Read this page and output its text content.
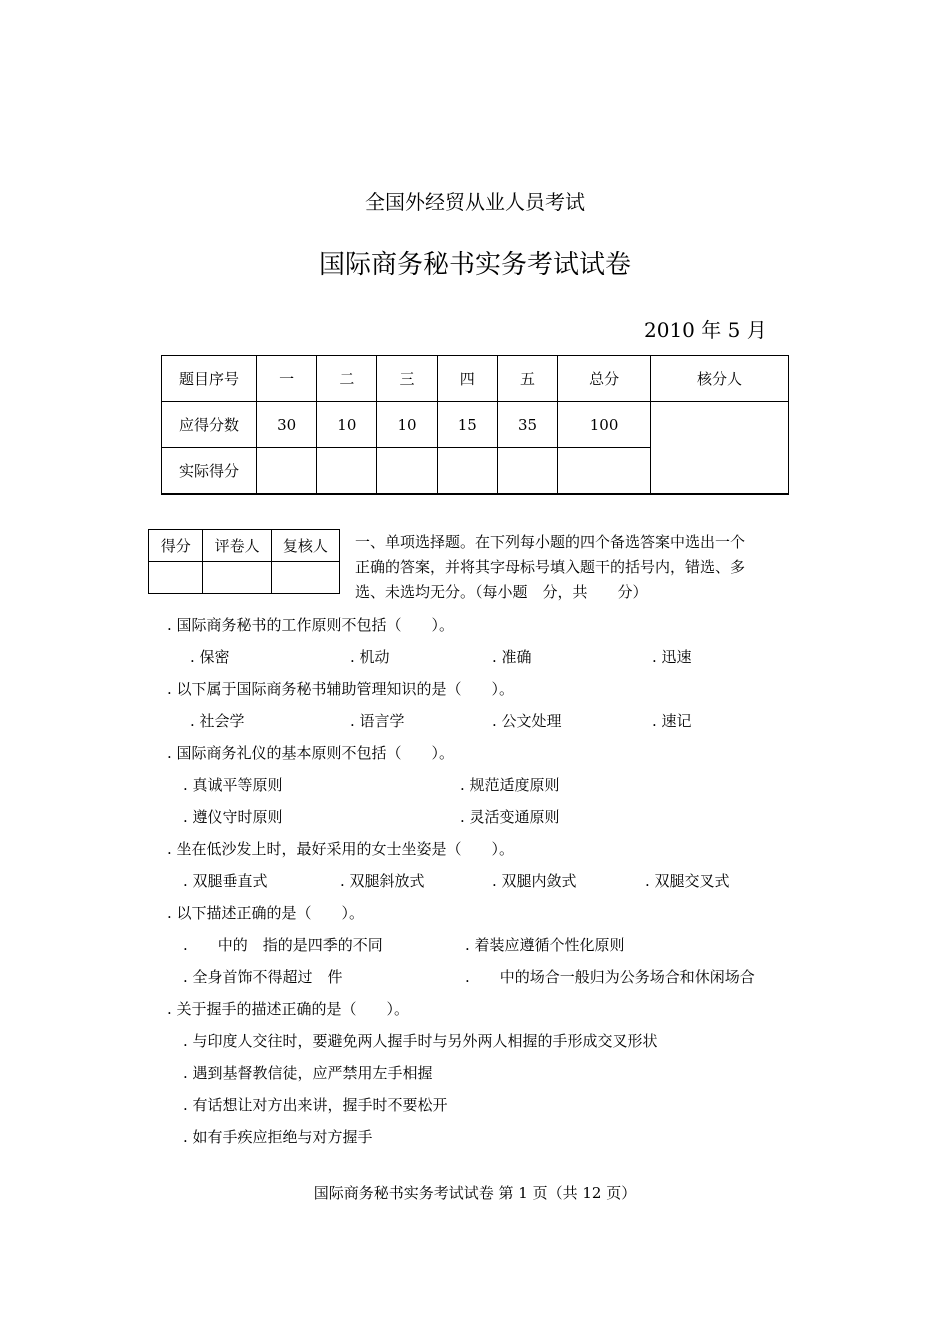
全国外经贸从业人员考试
国际商务秘书实务考试试卷
2010 年 5 月
题目序号	一	二	三	四	五	总分	核分人
应得分数	30	10	10	15	35	100	
实际得分							
得分	评卷人	复核人
		一、单项选择题。在下列每小题的四个备选答案中选出一个
正确的答案，并将其字母标号填入题干的括号内，错选、多
选、未选均无分。（每小题　分，共　　分）
. 国际商务秘书的工作原则不包括（　　）。
. 保密	. 机动	. 准确	. 迅速
. 以下属于国际商务秘书辅助管理知识的是（　　）。
. 社会学	. 语言学	. 公文处理	. 速记
. 国际商务礼仪的基本原则不包括（　　）。
. 真诚平等原则	. 规范适度原则
. 遵仪守时原则	. 灵活变通原则
. 坐在低沙发上时，最好采用的女士坐姿是（　　）。
. 双腿垂直式	. 双腿斜放式	. 双腿内敛式	. 双腿交叉式
. 以下描述正确的是（　　）。
.　　中的　指的是四季的不同	. 着装应遵循个性化原则
. 全身首饰不得超过　件	.　　中的场合一般归为公务场合和休闲场合
. 关于握手的描述正确的是（　　）。
. 与印度人交往时，要避免两人握手时与另外两人相握的手形成交叉形状
. 遇到基督教信徒，应严禁用左手相握
. 有话想让对方出来讲，握手时不要松开
. 如有手疾应拒绝与对方握手
国际商务秘书实务考试试卷 第 1 页（共 12 页）
